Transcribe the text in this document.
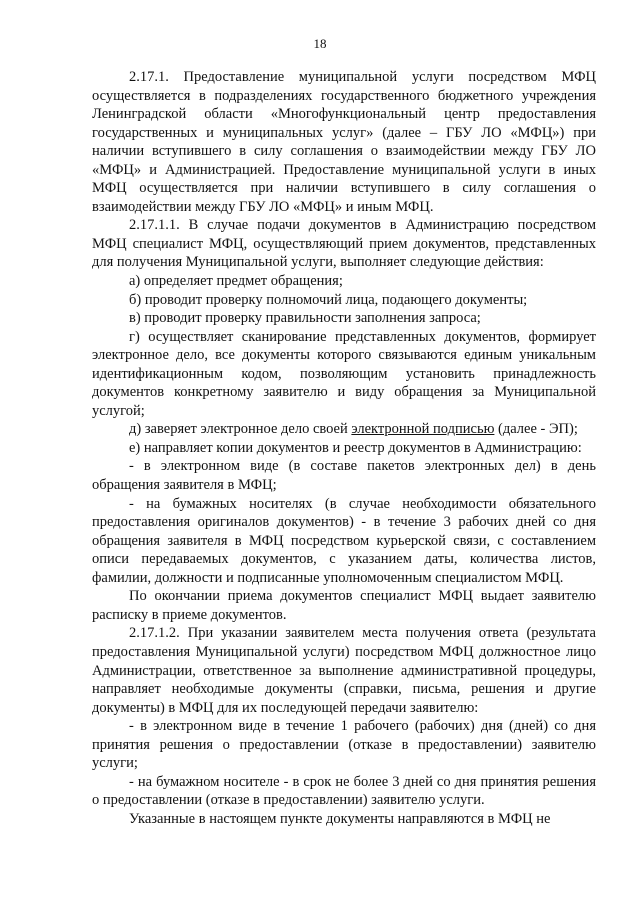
18

2.17.1. Предоставление муниципальной услуги посредством МФЦ осуществляется в подразделениях государственного бюджетного учреждения Ленинградской области «Многофункциональный центр предоставления государственных и муниципальных услуг» (далее – ГБУ ЛО «МФЦ») при наличии вступившего в силу соглашения о взаимодействии между ГБУ ЛО «МФЦ» и Администрацией. Предоставление муниципальной услуги в иных МФЦ осуществляется при наличии вступившего в силу соглашения о взаимодействии между ГБУ ЛО «МФЦ» и иным МФЦ.

2.17.1.1. В случае подачи документов в Администрацию посредством МФЦ специалист МФЦ, осуществляющий прием документов, представленных для получения Муниципальной услуги, выполняет следующие действия:

а) определяет предмет обращения;

б) проводит проверку полномочий лица, подающего документы;

в) проводит проверку правильности заполнения запроса;

г) осуществляет сканирование представленных документов, формирует электронное дело, все документы которого связываются единым уникальным идентификационным кодом, позволяющим установить принадлежность документов конкретному заявителю и виду обращения за Муниципальной услугой;

д) заверяет электронное дело своей электронной подписью (далее - ЭП);

е) направляет копии документов и реестр документов в Администрацию:

- в электронном виде (в составе пакетов электронных дел) в день обращения заявителя в МФЦ;

- на бумажных носителях (в случае необходимости обязательного предоставления оригиналов документов) - в течение 3 рабочих дней со дня обращения заявителя в МФЦ посредством курьерской связи, с составлением описи передаваемых документов, с указанием даты, количества листов, фамилии, должности и подписанные уполномоченным специалистом МФЦ.

По окончании приема документов специалист МФЦ выдает заявителю расписку в приеме документов.

2.17.1.2. При указании заявителем места получения ответа (результата предоставления Муниципальной услуги) посредством МФЦ должностное лицо Администрации, ответственное за выполнение административной процедуры, направляет необходимые документы (справки, письма, решения и другие документы) в МФЦ для их последующей передачи заявителю:

- в электронном виде в течение 1 рабочего (рабочих) дня (дней) со дня принятия решения о предоставлении (отказе в предоставлении) заявителю услуги;

- на бумажном носителе - в срок не более 3 дней со дня принятия решения о предоставлении (отказе в предоставлении) заявителю услуги.

Указанные в настоящем пункте документы направляются в МФЦ не
